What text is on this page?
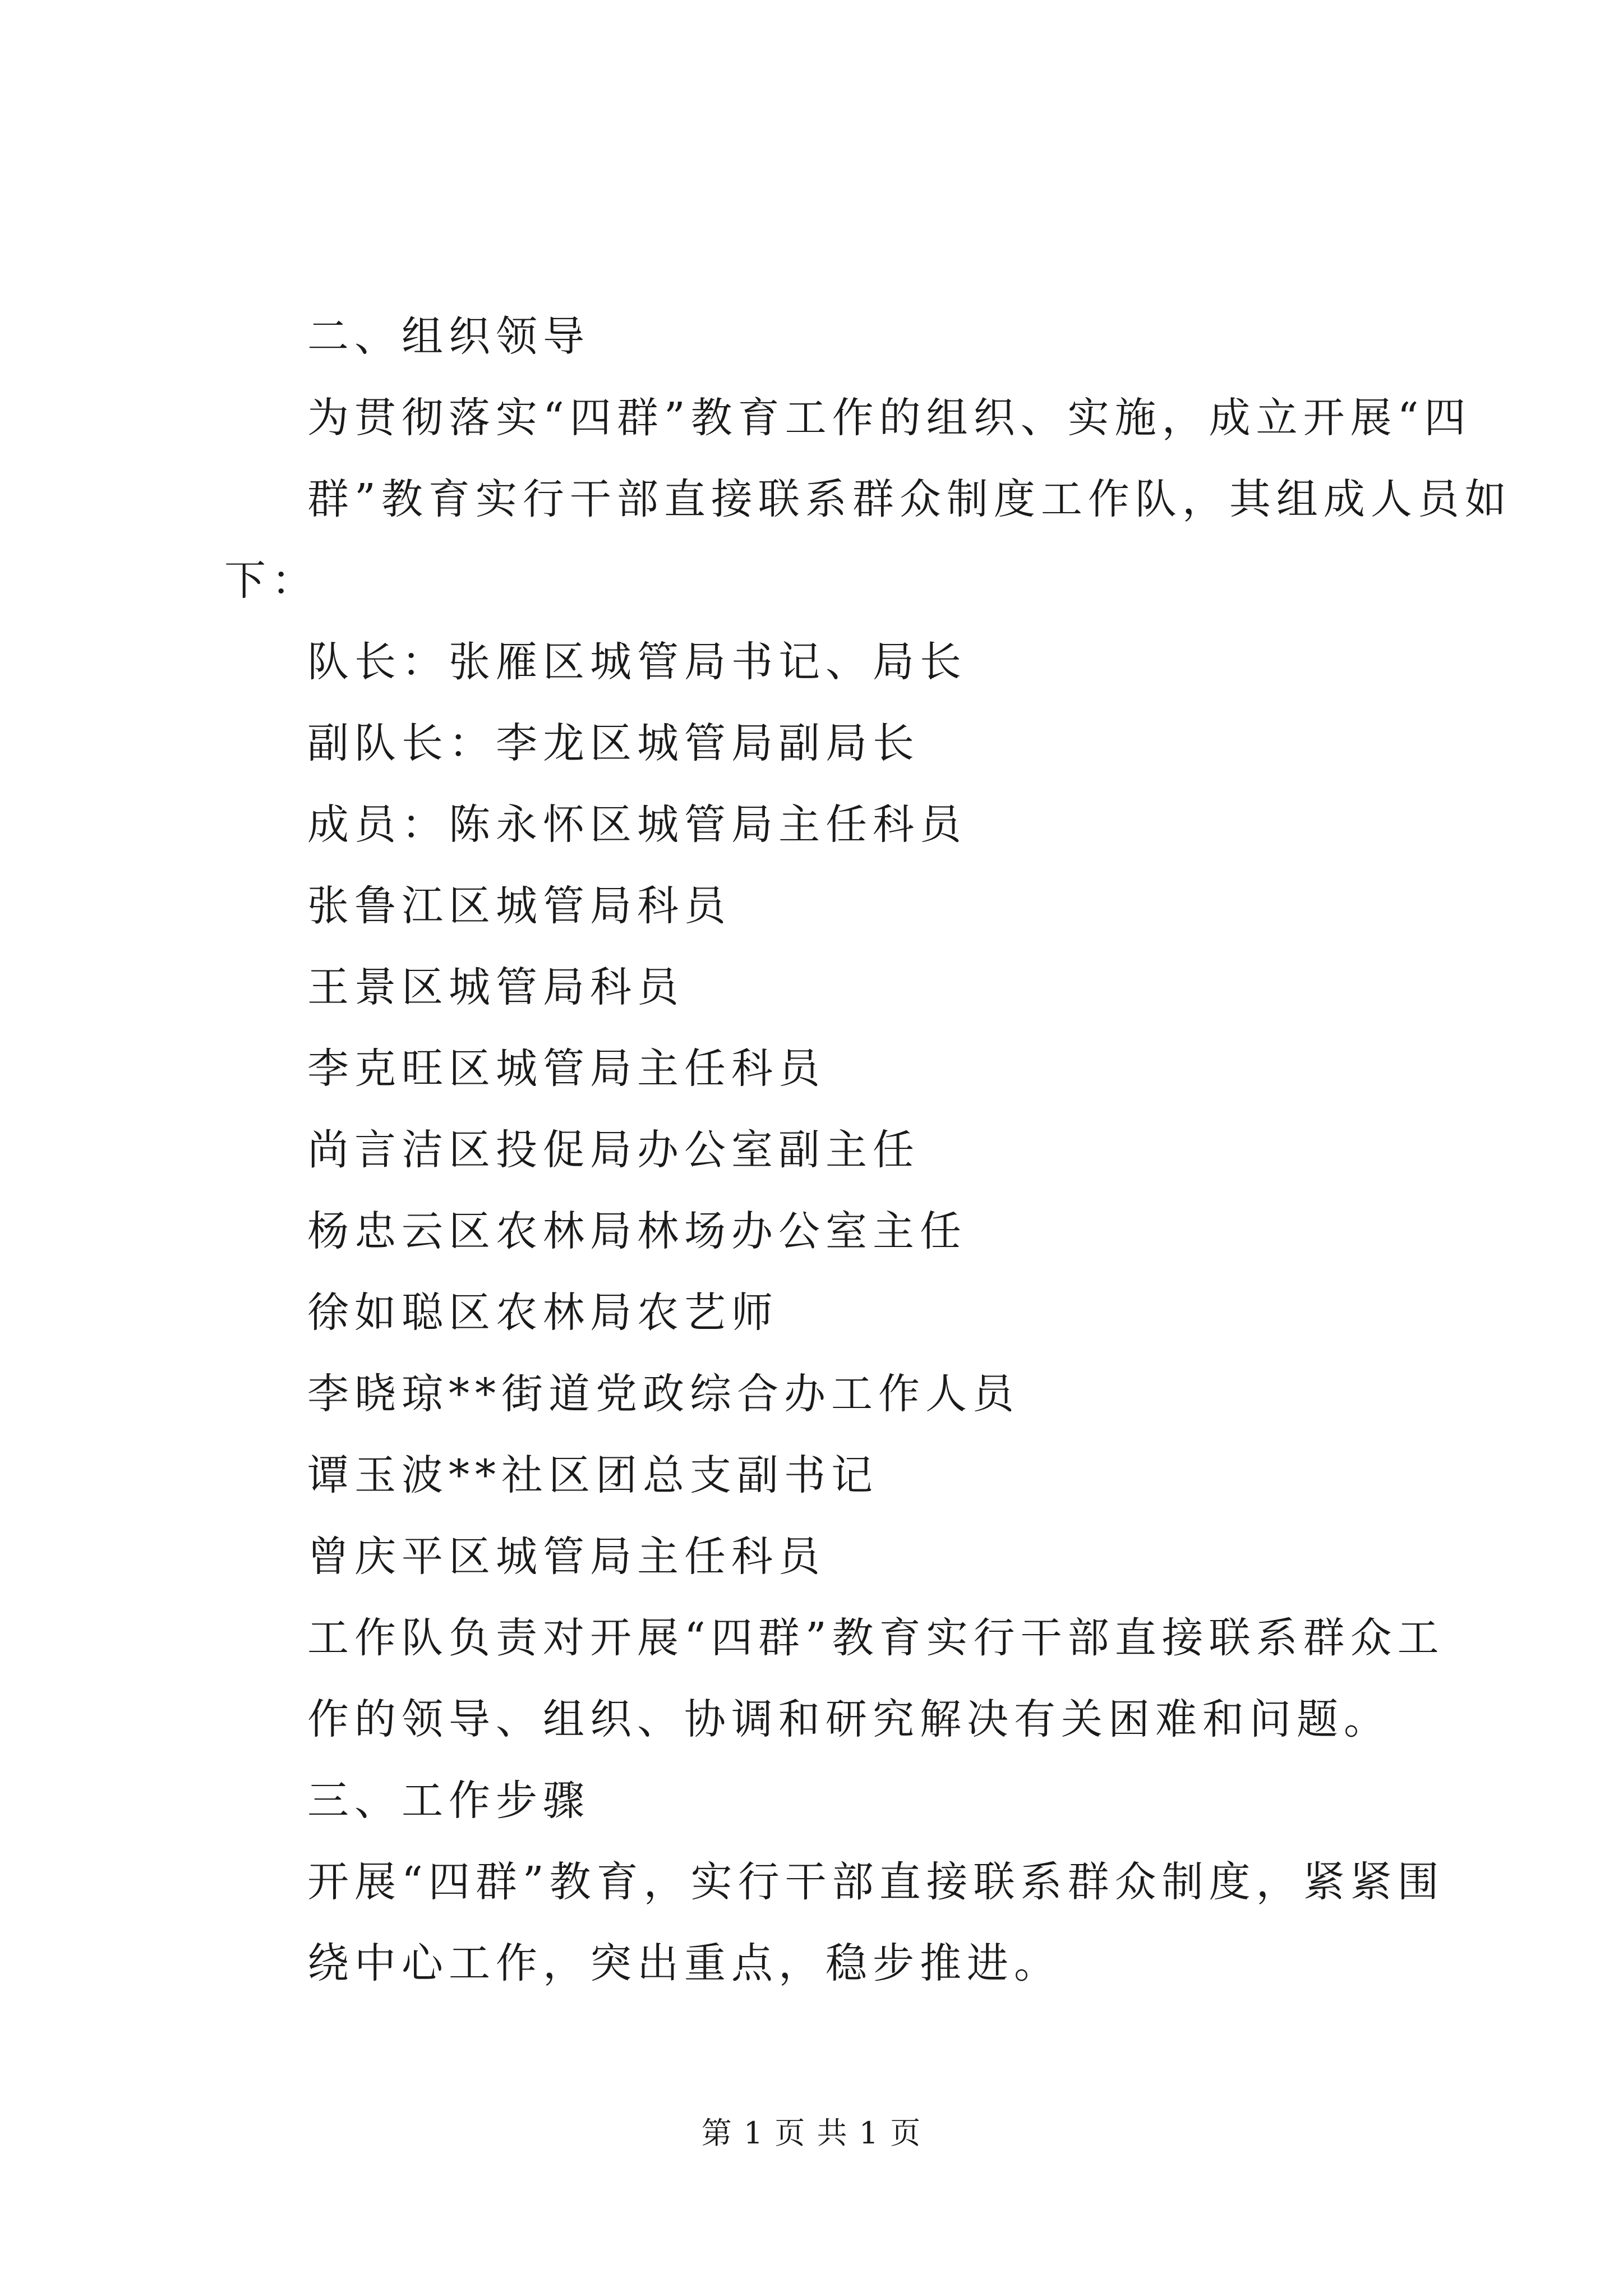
二、组织领导
为贯彻落实“四群”教育工作的组织、实施，成立开展“四
群”教育实行干部直接联系群众制度工作队，其组成人员如
下：
队长：张雁区城管局书记、局长
副队长：李龙区城管局副局长
成员：陈永怀区城管局主任科员
张鲁江区城管局科员
王景区城管局科员
李克旺区城管局主任科员
尚言洁区投促局办公室副主任
杨忠云区农林局林场办公室主任
徐如聪区农林局农艺师
李晓琼**街道党政综合办工作人员
谭玉波**社区团总支副书记
曾庆平区城管局主任科员
工作队负责对开展“四群”教育实行干部直接联系群众工
作的领导、组织、协调和研究解决有关困难和问题。
三、工作步骤
开展“四群”教育，实行干部直接联系群众制度，紧紧围
绕中心工作，突出重点，稳步推进。
第 1 页 共 1 页
